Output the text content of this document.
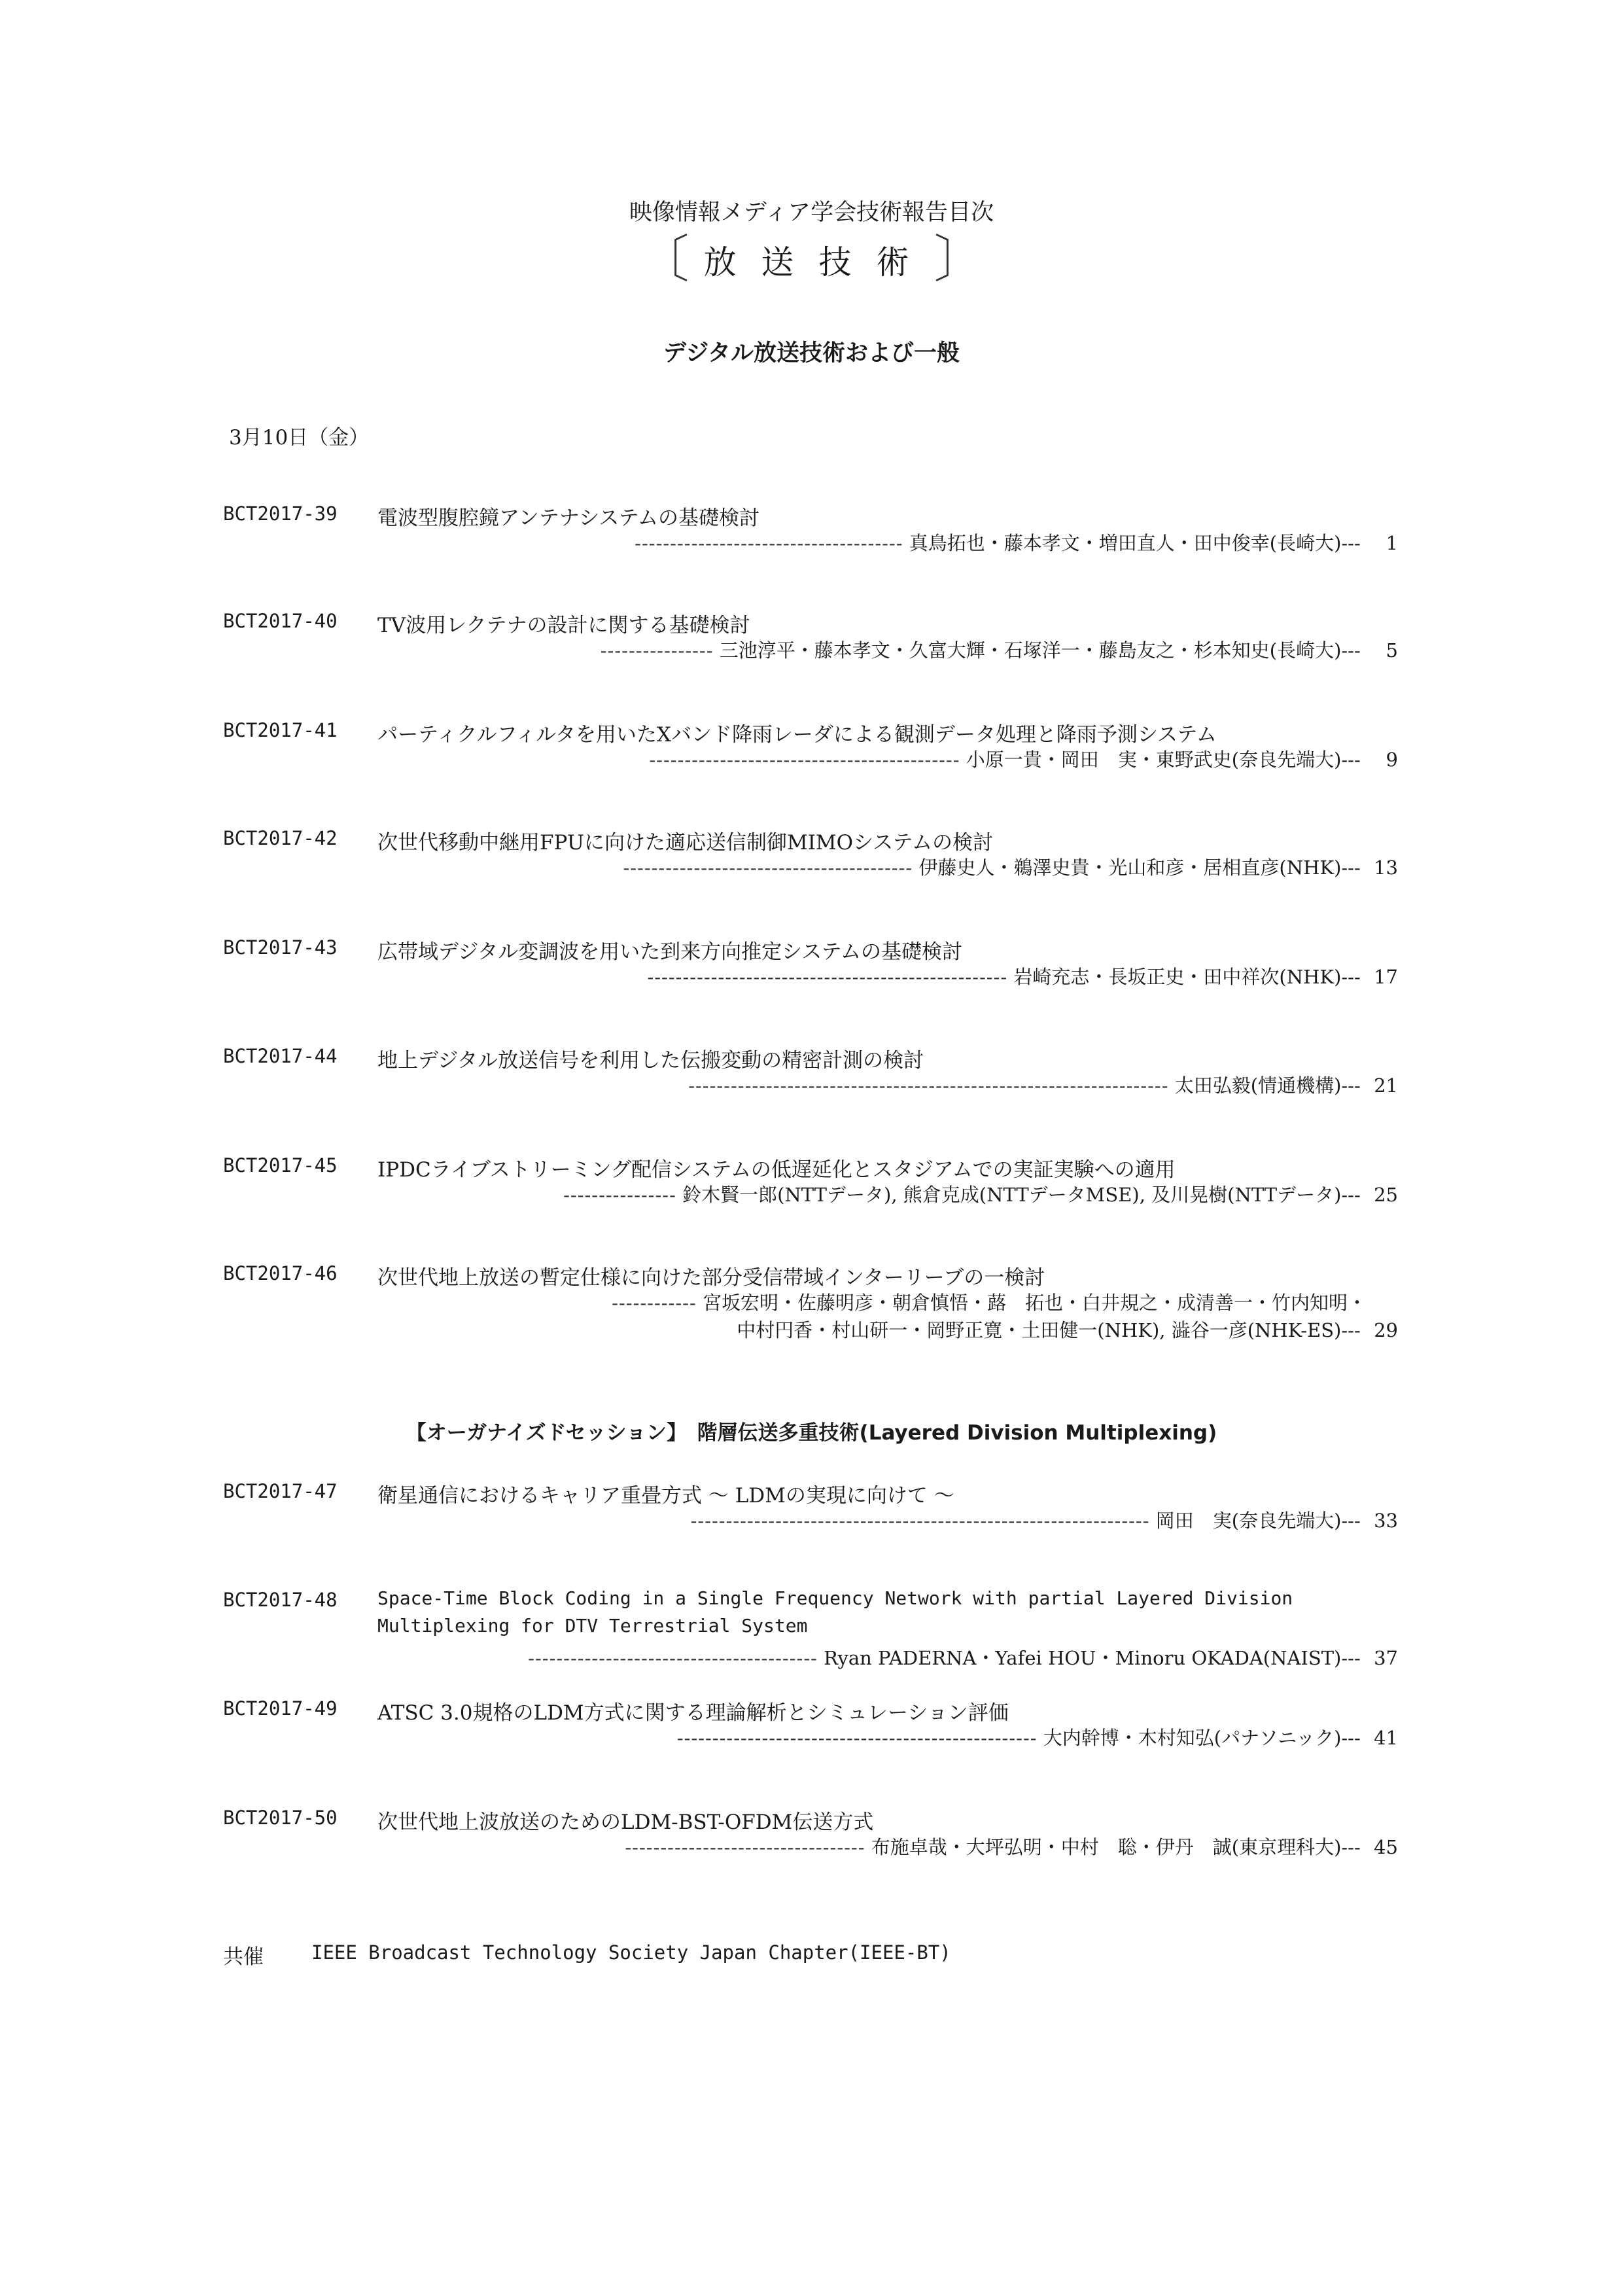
映像情報メディア学会技術報告目次
〔 放送技術 〕
デジタル放送技術および一般
3月10日（金）
BCT2017-39 電波型腹腔鏡アンテナシステムの基礎検討
-------------------------------------- 真鳥拓也・藤本孝文・増田直人・田中俊幸(長崎大)--- 1
BCT2017-40 TV波用レクテナの設計に関する基礎検討
---------------- 三池淳平・藤本孝文・久富大輝・石塚洋一・藤島友之・杉本知史(長崎大)--- 5
BCT2017-41 パーティクルフィルタを用いたXバンド降雨レーダによる観測データ処理と降雨予測システム
-------------------------------------------- 小原一貴・岡田　実・東野武史(奈良先端大)--- 9
BCT2017-42 次世代移動中継用FPUに向けた適応送信制御MIMOシステムの検討
----------------------------------------- 伊藤史人・鵜澤史貴・光山和彦・居相直彦(NHK)--- 13
BCT2017-43 広帯域デジタル変調波を用いた到来方向推定システムの基礎検討
--------------------------------------------------- 岩崎充志・長坂正史・田中祥次(NHK)--- 17
BCT2017-44 地上デジタル放送信号を利用した伝搬変動の精密計測の検討
-------------------------------------------------------------------- 太田弘毅(情通機構)--- 21
BCT2017-45 IPDCライブストリーミング配信システムの低遅延化とスタジアムでの実証実験への適用
---------------- 鈴木賢一郎(NTTデータ), 熊倉克成(NTTデータMSE), 及川晃樹(NTTデータ)--- 25
BCT2017-46 次世代地上放送の暫定仕様に向けた部分受信帯域インターリーブの一検討
------------ 宮坂宏明・佐藤明彦・朝倉慎悟・蕗　拓也・白井規之・成清善一・竹内知明・
中村円香・村山研一・岡野正寛・土田健一(NHK), 澁谷一彦(NHK-ES)--- 29
【オーガナイズドセッション】　階層伝送多重技術(Layered Division Multiplexing)
BCT2017-47 衛星通信におけるキャリア重畳方式 〜 LDMの実現に向けて 〜
----------------------------------------------------------------- 岡田　実(奈良先端大)--- 33
BCT2017-48 Space-Time Block Coding in a Single Frequency Network with partial Layered Division
Multiplexing for DTV Terrestrial System
----------------------------------------- Ryan PADERNA・Yafei HOU・Minoru OKADA(NAIST)--- 37
BCT2017-49 ATSC 3.0規格のLDM方式に関する理論解析とシミュレーション評価
--------------------------------------------------- 大内幹博・木村知弘(パナソニック)--- 41
BCT2017-50 次世代地上波放送のためのLDM-BST-OFDM伝送方式
---------------------------------- 布施卓哉・大坪弘明・中村　聡・伊丹　誠(東京理科大)--- 45
共催	IEEE Broadcast Technology Society Japan Chapter(IEEE-BT)
